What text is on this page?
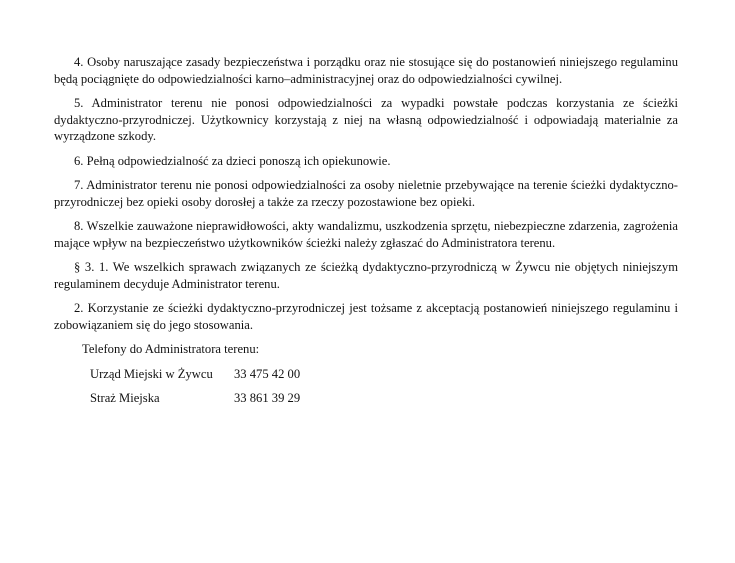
4. Osoby naruszające zasady bezpieczeństwa i porządku oraz nie stosujące się do postanowień niniejszego regulaminu będą pociągnięte do odpowiedzialności karno–administracyjnej oraz do odpowiedzialności cywilnej.

5. Administrator terenu nie ponosi odpowiedzialności za wypadki powstałe podczas korzystania ze ścieżki dydaktyczno-przyrodniczej. Użytkownicy korzystają z niej na własną odpowiedzialność i odpowiadają materialnie za wyrządzone szkody.

6. Pełną odpowiedzialność za dzieci ponoszą ich opiekunowie.

7. Administrator terenu nie ponosi odpowiedzialności za osoby nieletnie przebywające na terenie ścieżki dydaktyczno-przyrodniczej bez opieki osoby dorosłej a także za rzeczy pozostawione bez opieki.

8. Wszelkie zauważone nieprawidłowości, akty wandalizmu, uszkodzenia sprzętu, niebezpieczne zdarzenia, zagrożenia mające wpływ na bezpieczeństwo użytkowników ścieżki należy zgłaszać do Administratora terenu.

§ 3. 1. We wszelkich sprawach związanych ze ścieżką dydaktyczno-przyrodniczą w Żywcu nie objętych niniejszym regulaminem decyduje Administrator terenu.

2. Korzystanie ze ścieżki dydaktyczno-przyrodniczej jest tożsame z akceptacją postanowień niniejszego regulaminu i zobowiązaniem się do jego stosowania.

Telefony do Administratora terenu:
Urząd Miejski w Żywcu	33 475 42 00
Straż Miejska	33 861 39 29
